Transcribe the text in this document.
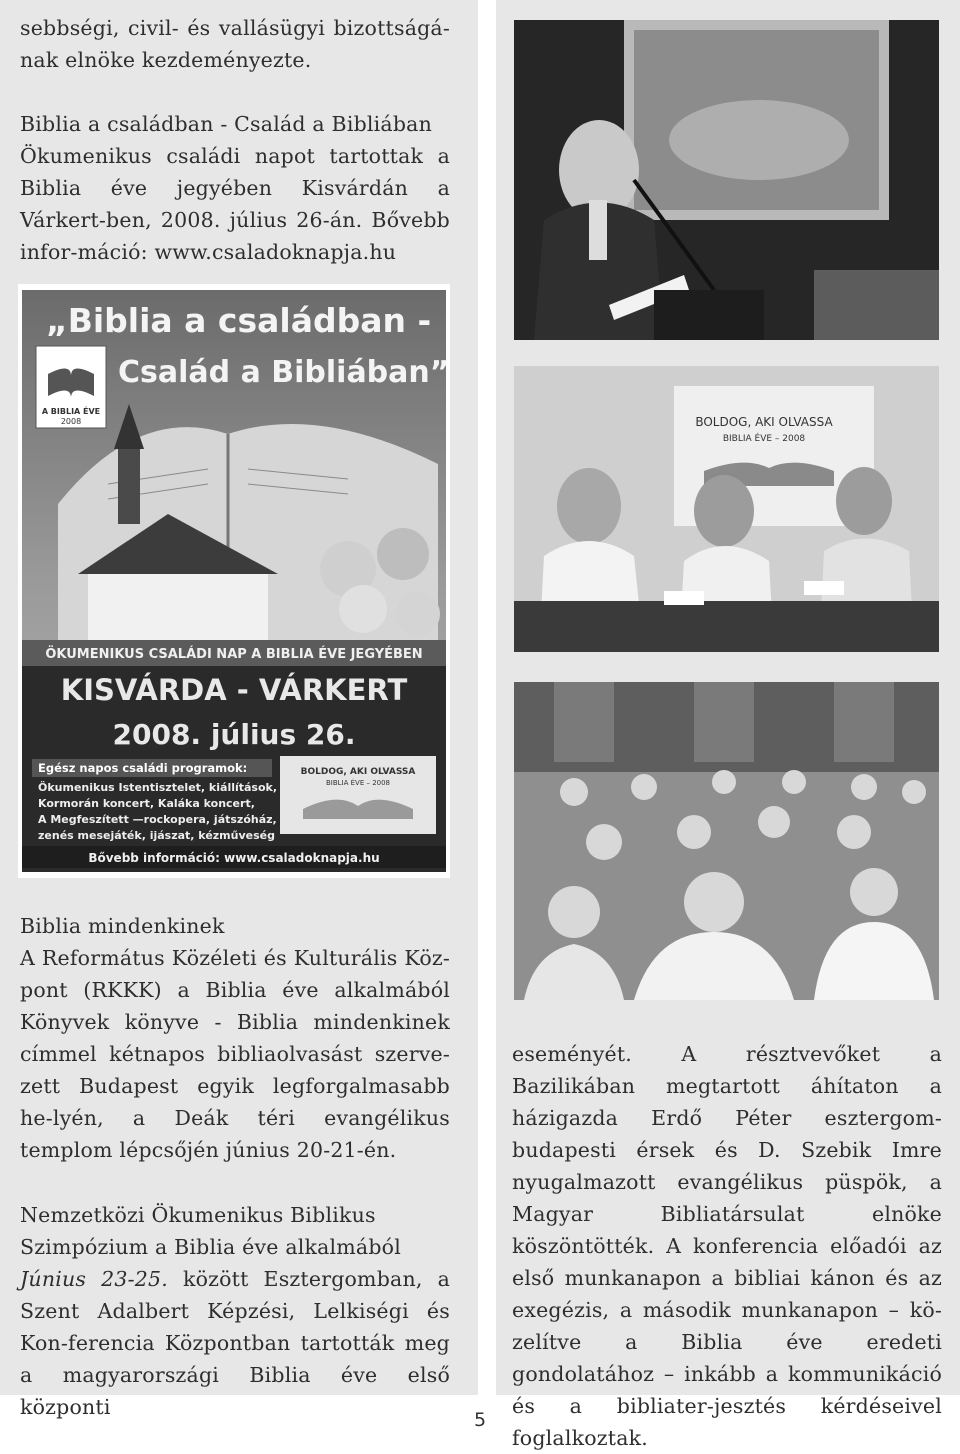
sebbségi, civil- és vallásügyi bizottságá-nak elnöke kezdeményezte.

Biblia a családban - Család a Bibliában

Ökumenikus családi napot tartottak a Biblia éve jegyében Kisvárdán a Várkert-ben, 2008. július 26-án. Bővebb infor-máció: www.csaladoknapja.hu

„Biblia a családban -
Család a Bibliában”
A BIBLIA ÉVE
2008
ÖKUMENIKUS CSALÁDI NAP A BIBLIA ÉVE JEGYÉBEN
KISVÁRDA - VÁRKERT
2008. július 26.
Egész napos családi programok:
Ökumenikus Istentisztelet, kiállítások,
Kormorán koncert, Kaláka koncert,
A Megfeszített —rockopera, játszóház,
zenés mesejáték, ijászat, kézműveség
BOLDOG, AKI OLVASSA
BIBLIA ÉVE – 2008
Bővebb információ: www.csaladoknapja.hu

Biblia mindenkinek

A Református Közéleti és Kulturális Köz-pont (RKKK) a Biblia éve alkalmából Könyvek könyve - Biblia mindenkinek címmel kétnapos bibliaolvasást szerve-zett Budapest egyik legforgalmasabb he-lyén, a Deák téri evangélikus templom lépcsőjén június 20-21-én.

Nemzetközi Ökumenikus Biblikus

Szimpózium a Biblia éve alkalmából

Június 23-25. között Esztergomban, a Szent Adalbert Képzési, Lelkiségi és Kon-ferencia Központban tartották meg a magyarországi Biblia éve első központi

BOLDOG, AKI OLVASSA
BIBLIA ÉVE – 2008

eseményét. A résztvevőket a Bazilikában megtartott áhítaton a házigazda Erdő Péter esztergom-budapesti érsek és D. Szebik Imre nyugalmazott evangélikus püspök, a Magyar Bibliatársulat elnöke köszöntötték. A konferencia előadói az első munkanapon a bibliai kánon és az exegézis, a második munkanapon – kö-zelítve a Biblia éve eredeti gondolatához – inkább a kommunikáció és a bibliater-jesztés kérdéseivel foglalkoztak.

5
